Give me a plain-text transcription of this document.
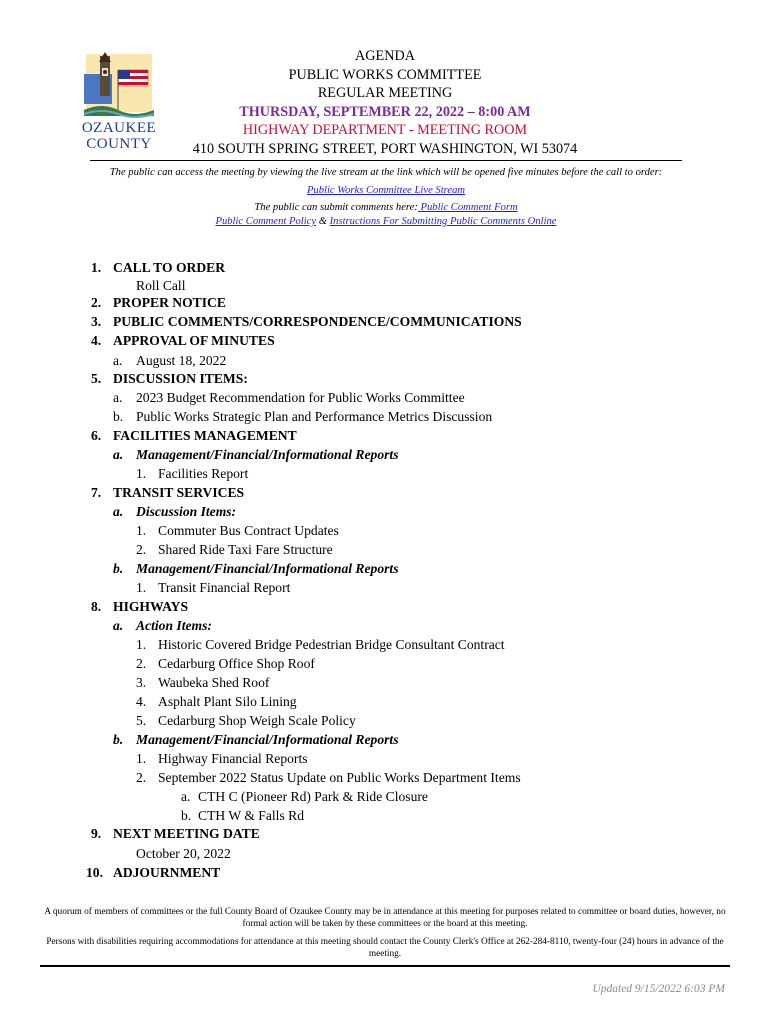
OZAUKEE
COUNTY
AGENDA
PUBLIC WORKS COMMITTEE
REGULAR MEETING
THURSDAY, SEPTEMBER 22, 2022 – 8:00 AM
HIGHWAY DEPARTMENT - MEETING ROOM
410 SOUTH SPRING STREET, PORT WASHINGTON, WI 53074
The public can access the meeting by viewing the live stream at the link which will be opened five minutes before the call to order:
Public Works Committee Live Stream
The public can submit comments here: Public Comment Form
Public Comment Policy & Instructions For Submitting Public Comments Online
1. CALL TO ORDER
Roll Call
2. PROPER NOTICE
3. PUBLIC COMMENTS/CORRESPONDENCE/COMMUNICATIONS
4. APPROVAL OF MINUTES
a. August 18, 2022
5. DISCUSSION ITEMS:
a. 2023 Budget Recommendation for Public Works Committee
b. Public Works Strategic Plan and Performance Metrics Discussion
6. FACILITIES MANAGEMENT
a. Management/Financial/Informational Reports
1. Facilities Report
7. TRANSIT SERVICES
a. Discussion Items:
1. Commuter Bus Contract Updates
2. Shared Ride Taxi Fare Structure
b. Management/Financial/Informational Reports
1. Transit Financial Report
8. HIGHWAYS
a. Action Items:
1. Historic Covered Bridge Pedestrian Bridge Consultant Contract
2. Cedarburg Office Shop Roof
3. Waubeka Shed Roof
4. Asphalt Plant Silo Lining
5. Cedarburg Shop Weigh Scale Policy
b. Management/Financial/Informational Reports
1. Highway Financial Reports
2. September 2022 Status Update on Public Works Department Items
a. CTH C (Pioneer Rd) Park & Ride Closure
b. CTH W & Falls Rd
9. NEXT MEETING DATE
October 20, 2022
10. ADJOURNMENT
A quorum of members of committees or the full County Board of Ozaukee County may be in attendance at this meeting for purposes related to committee or board duties, however, no formal action will be taken by these committees or the board at this meeting.
Persons with disabilities requiring accommodations for attendance at this meeting should contact the County Clerk's Office at 262-284-8110, twenty-four (24) hours in advance of the meeting.
Updated 9/15/2022 6:03 PM
